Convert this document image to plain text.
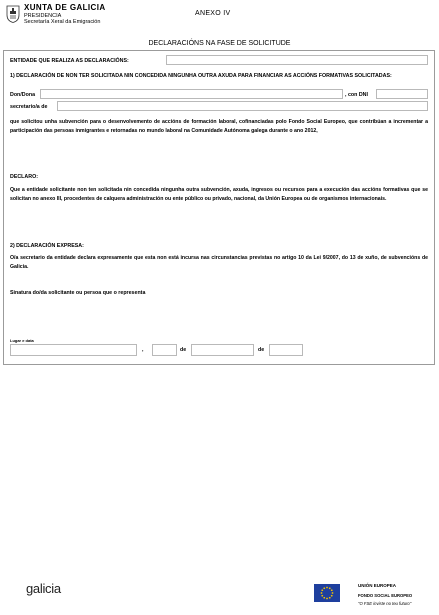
XUNTA DE GALICIA
PRESIDENCIA
Secretaría Xeral da Emigración
ANEXO IV
DECLARACIÓNS NA FASE DE SOLICITUDE
ENTIDADE QUE REALIZA AS DECLARACIÓNS:
1) DECLARACIÓN DE NON TER SOLICITADA NIN CONCEDIDA NINGUNHA OUTRA AXUDA PARA FINANCIAR AS ACCIÓNS FORMATIVAS SOLICITADAS:
Don/Dona	, con DNI
secretario/a de
que solicitou unha subvención para o desenvolvemento de accións de formación laboral, cofinanciadas polo Fondo Social Europeo, que contribúan a incrementar a participación das persoas inmigrantes e retornadas no mundo laboral na Comunidade Autónoma galega durante o ano 2012,
DECLARO:
Que a entidade solicitante non ten solicitada nin concedida ningunha outra subvención, axuda, ingresos ou recursos para a execución das accións formativas que se solicitan no anexo III, procedentes de calquera administración ou ente público ou privado, nacional, da Unión Europea ou de organismos internacionais.
2) DECLARACIÓN EXPRESA:
O/a secretario da entidade declara expresamente que esta non está incursa nas circunstancias previstas no artigo 10 da Lei 9/2007, do 13 de xuño, de subvencións de Galicia.
Sinatura do/da solicitante ou persoa que o representa
Lugar e data
,	de	de
galicia	UNIÓN EUROPEA
FONDO SOCIAL EUROPEO
"O FSE inviste no teu futuro"
